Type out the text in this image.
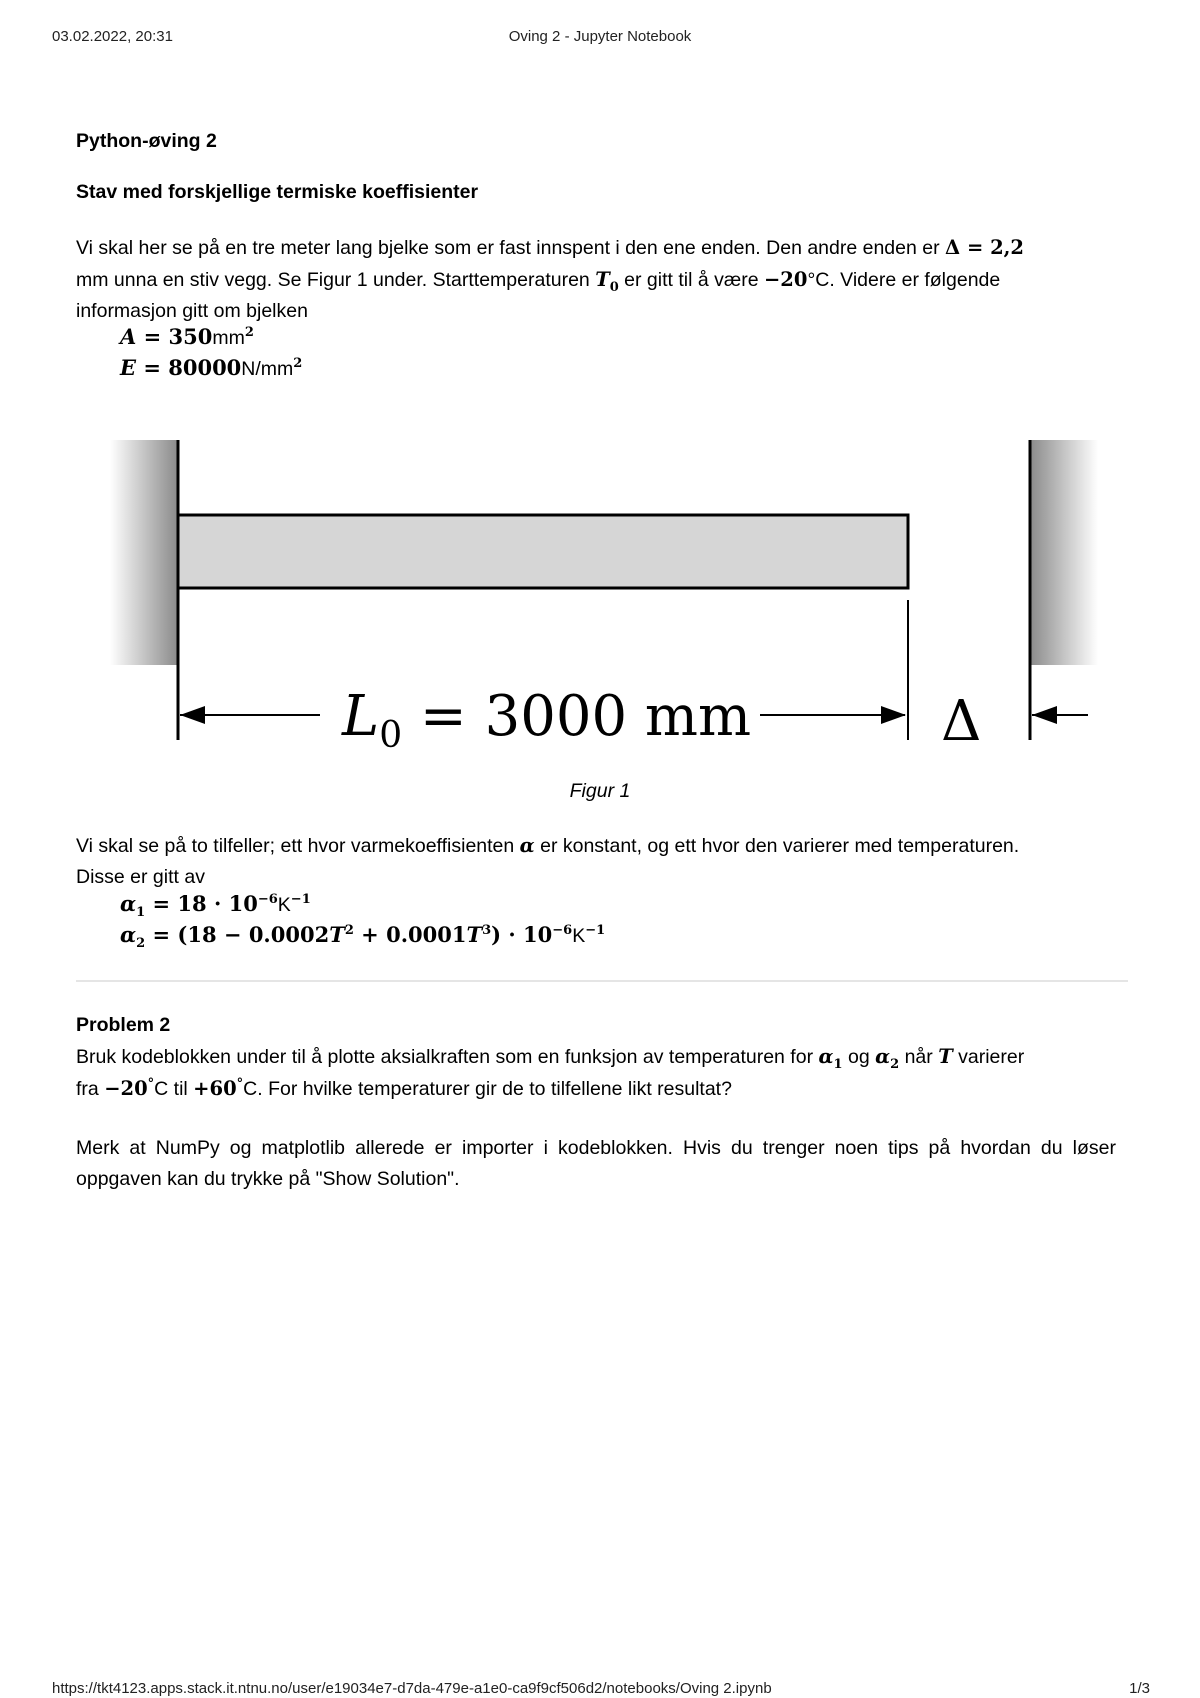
03.02.2022, 20:31	Oving 2 - Jupyter Notebook
https://tkt4123.apps.stack.it.ntnu.no/user/e19034e7-d7da-479e-a1e0-ca9f9cf506d2/notebooks/Oving 2.ipynb	1/3
Python-øving 2
Stav med forskjellige termiske koeffisienter
Vi skal her se på en tre meter lang bjelke som er fast innspent i den ene enden. Den andre enden er Δ = 2,2
mm unna en stiv vegg. Se Figur 1 under. Starttemperaturen $T_0$ er gitt til å være −20°C. Videre er følgende
informasjon gitt om bjelken
$A = 350mm^2$
$E = 80000N/mm^2$
$L_0 = 3000$ mm	Δ
Figur 1
Vi skal se på to tilfeller; ett hvor varmekoeffisienten α er konstant, og ett hvor den varierer med temperaturen.
Disse er gitt av
$\alpha_1 = 18 \cdot 10^{-6}K^{-1}$
$\alpha_2 = (18 - 0.0002T^2 + 0.0001T^3) \cdot 10^{-6}K^{-1}$
Problem 2
Bruk kodeblokken under til å plotte aksialkraften som en funksjon av temperaturen for $\alpha_1$ og $\alpha_2$ når T varierer
fra −20°C til +60°C. For hvilke temperaturer gir de to tilfellene likt resultat?
Merk at NumPy og matplotlib allerede er importer i kodeblokken. Hvis du trenger noen tips på hvordan du løser oppgaven kan du trykke på "Show Solution".
